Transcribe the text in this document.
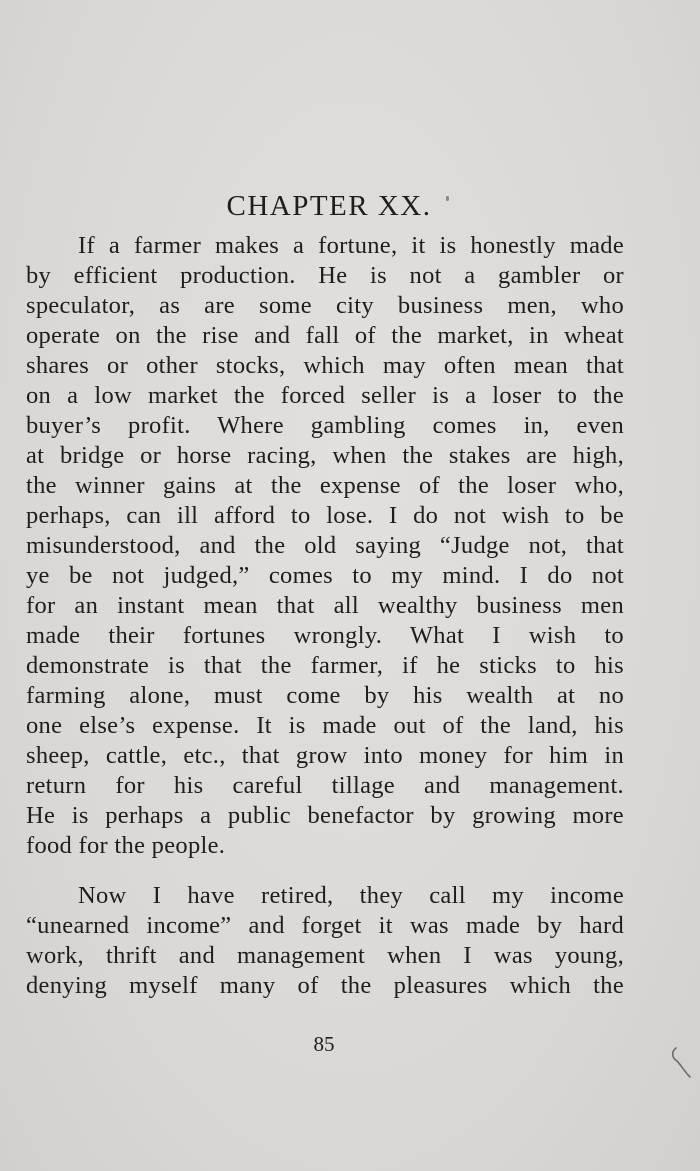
CHAPTER XX.
If a farmer makes a fortune, it is honestly made
by efficient production. He is not a gambler or
speculator, as are some city business men, who
operate on the rise and fall of the market, in wheat
shares or other stocks, which may often mean that
on a low market the forced seller is a loser to the
buyer’s profit. Where gambling comes in, even
at bridge or horse racing, when the stakes are high,
the winner gains at the expense of the loser who,
perhaps, can ill afford to lose. I do not wish to be
misunderstood, and the old saying “Judge not, that
ye be not judged,” comes to my mind. I do not
for an instant mean that all wealthy business men
made their fortunes wrongly. What I wish to
demonstrate is that the farmer, if he sticks to his
farming alone, must come by his wealth at no
one else’s expense. It is made out of the land, his
sheep, cattle, etc., that grow into money for him in
return for his careful tillage and management.
He is perhaps a public benefactor by growing more
food for the people.
Now I have retired, they call my income
“unearned income” and forget it was made by hard
work, thrift and management when I was young,
denying myself many of the pleasures which the
85
